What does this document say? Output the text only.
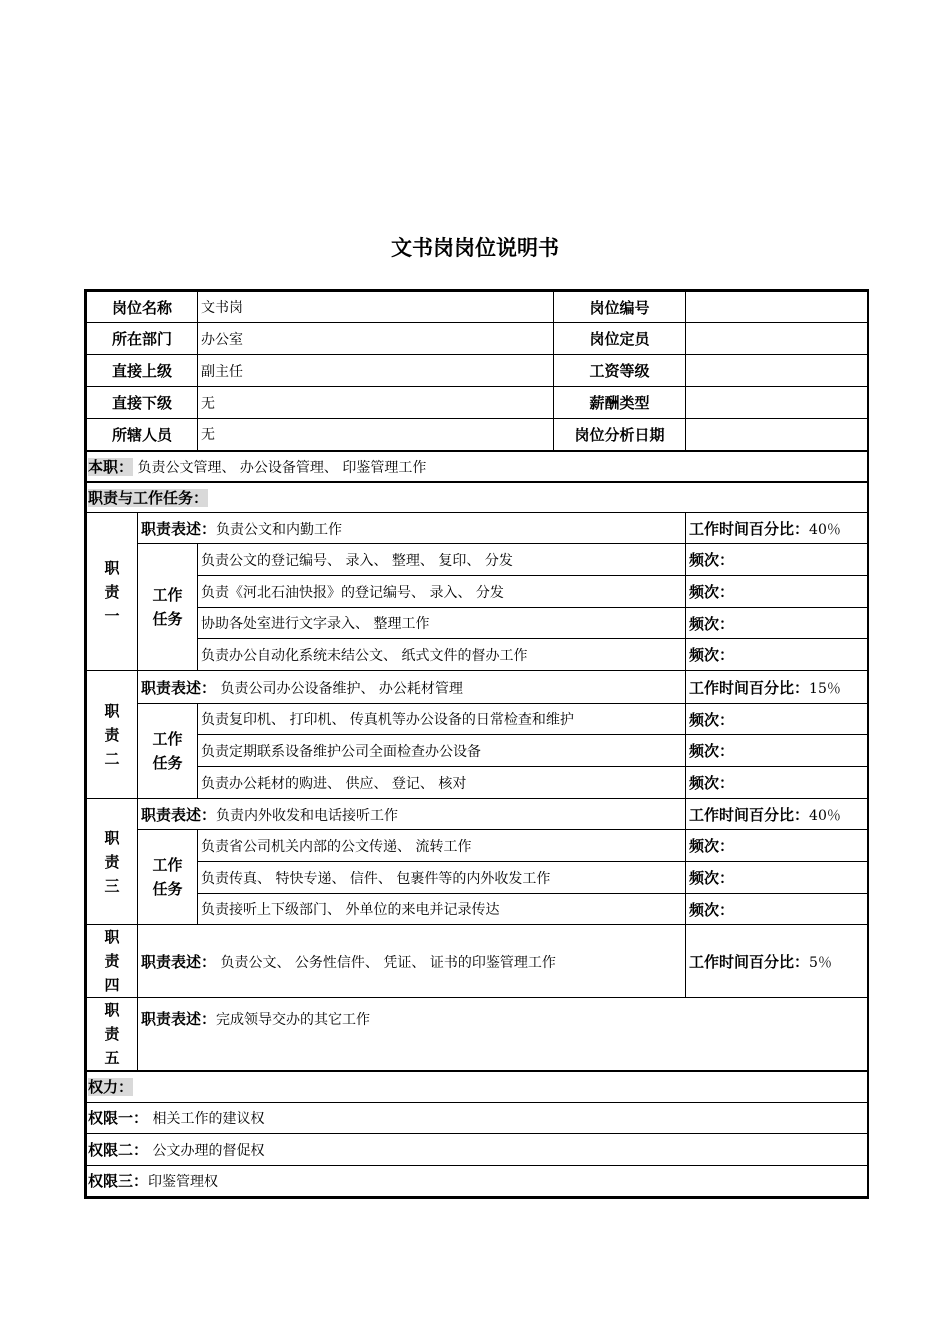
文书岗岗位说明书
岗位名称		文书岗	岗位编号	
所在部门		办公室	岗位定员	
直接上级		副主任	工资等级	
直接下级		无	薪酬类型	
所辖人员		无	岗位分析日期	
本职： 负责公文管理、 办公设备管理、 印鉴管理工作				
职责与工作任务：				
职责一	职责表述：负责公文和内勤工作			工作时间百分比：40％
	工作任务	负责公文的登记编号、 录入、 整理、 复印、 分发		频次：
		负责《河北石油快报》的登记编号、 录入、 分发		频次：
		协助各处室进行文字录入、 整理工作		频次：
		负责办公自动化系统未结公文、 纸式文件的督办工作		频次：
职责二	职责表述： 负责公司办公设备维护、 办公耗材管理			工作时间百分比：15％
	工作任务	负责复印机、 打印机、 传真机等办公设备的日常检查和维护		频次：
		负责定期联系设备维护公司全面检查办公设备		频次：
		负责办公耗材的购进、 供应、 登记、 核对		频次：
职责三	职责表述：负责内外收发和电话接听工作			工作时间百分比：40％
	工作任务	负责省公司机关内部的公文传递、 流转工作		频次：
		负责传真、 特快专递、 信件、 包裹件等的内外收发工作		频次：
		负责接听上下级部门、 外单位的来电并记录传达		频次：
职责四	职责表述： 负责公文、 公务性信件、 凭证、 证书的印鉴管理工作			工作时间百分比：5％
职责五	职责表述：完成领导交办的其它工作			
权力：				
权限一： 相关工作的建议权				
权限二： 公文办理的督促权				
权限三：印鉴管理权				
